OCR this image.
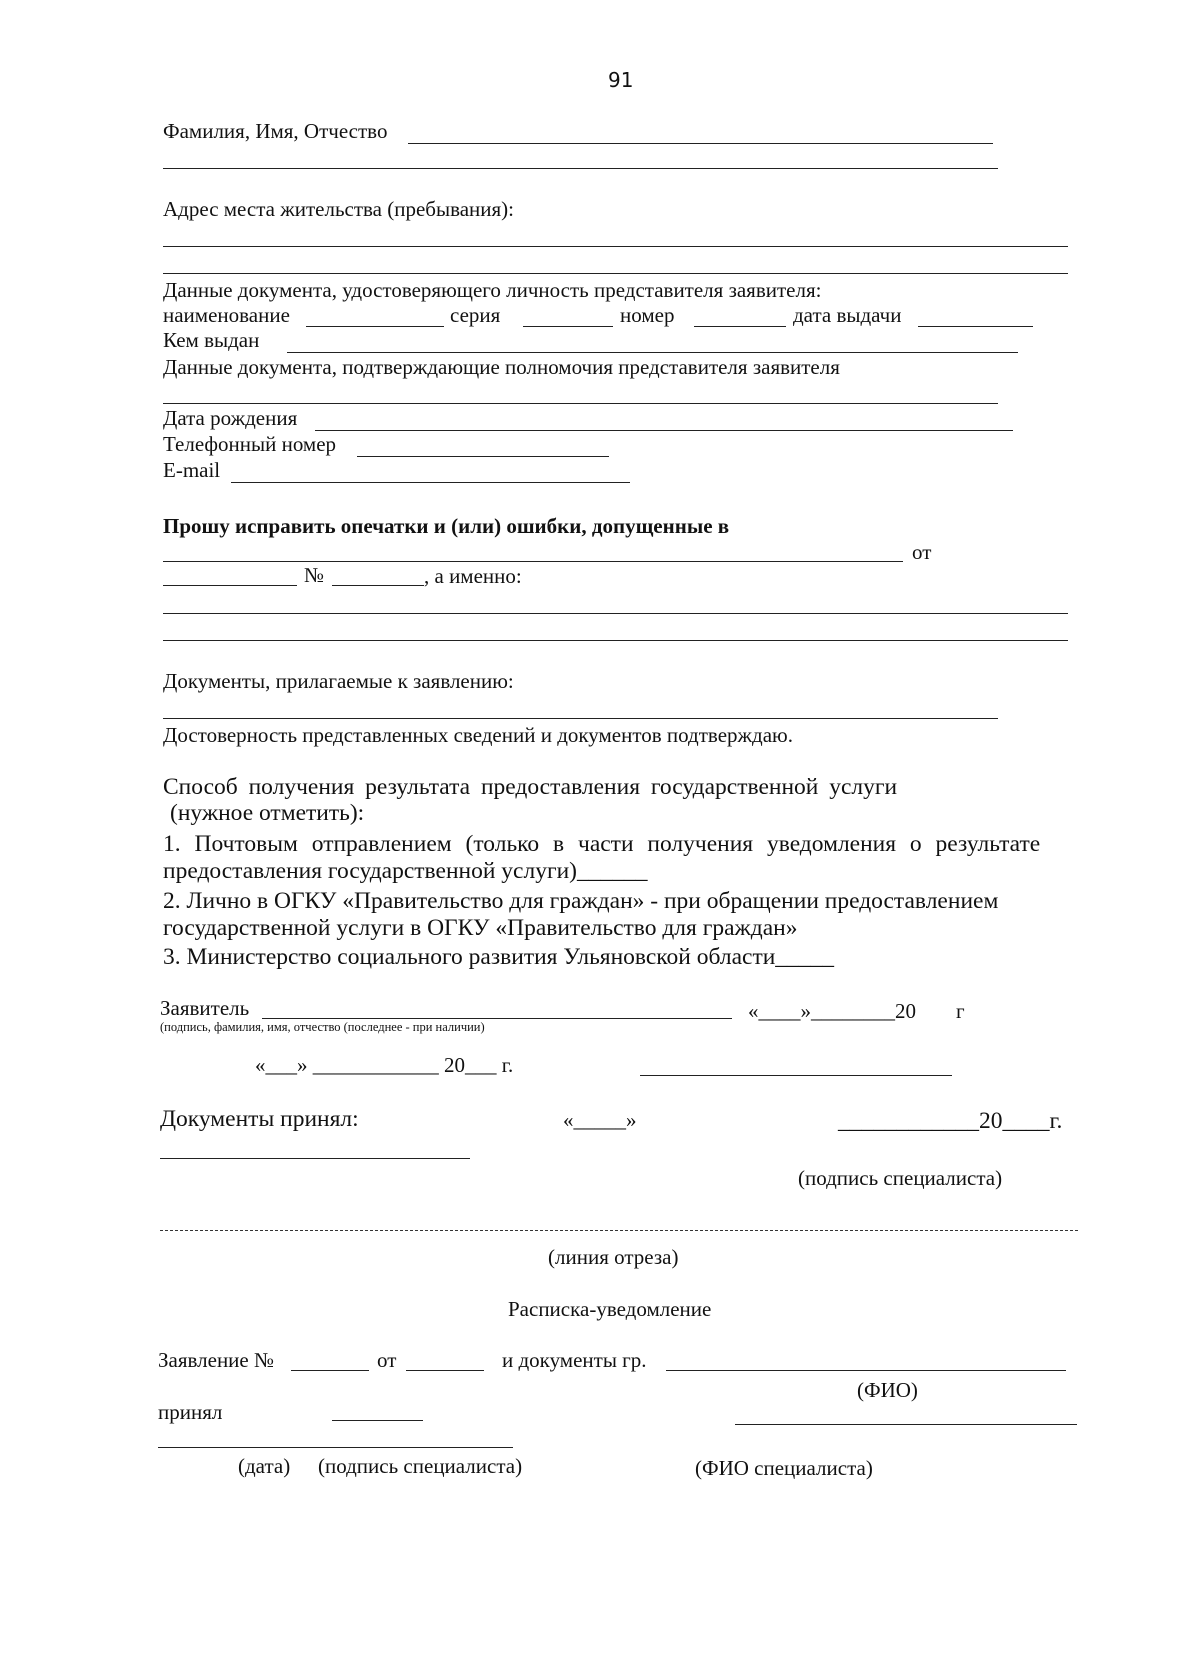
91
Фамилия, Имя, Отчество
Адрес места жительства (пребывания):
Данные документа, удостоверяющего личность представителя заявителя:
наименование	серия	номер	дата выдачи
Кем выдан
Данные документа, подтверждающие полномочия представителя заявителя
Дата рождения
Телефонный номер
E-mail
Прошу исправить опечатки и (или) ошибки, допущенные в
от
№	, а именно:
Документы, прилагаемые к заявлению:
Достоверность представленных сведений и документов подтверждаю.
Способ получения результата предоставления государственной услуги
(нужное отметить):
1. Почтовым отправлением (только в части получения уведомления о результате
предоставления государственной услуги)______
2. Лично в ОГКУ «Правительство для граждан» - при обращении предоставлением
государственной услуги в ОГКУ «Правительство для граждан»
3. Министерство социального развития Ульяновской области_____
Заявитель
(подпись, фамилия, имя, отчество (последнее - при наличии)
«____»________20 г
«___» ____________ 20___ г.
Документы принял:	«_____»	____________20____г.
(подпись специалиста)
(линия отреза)
Расписка-уведомление
Заявление №	от	и документы гр.
(ФИО)
принял
(дата) (подпись специалиста)	(ФИО специалиста)
